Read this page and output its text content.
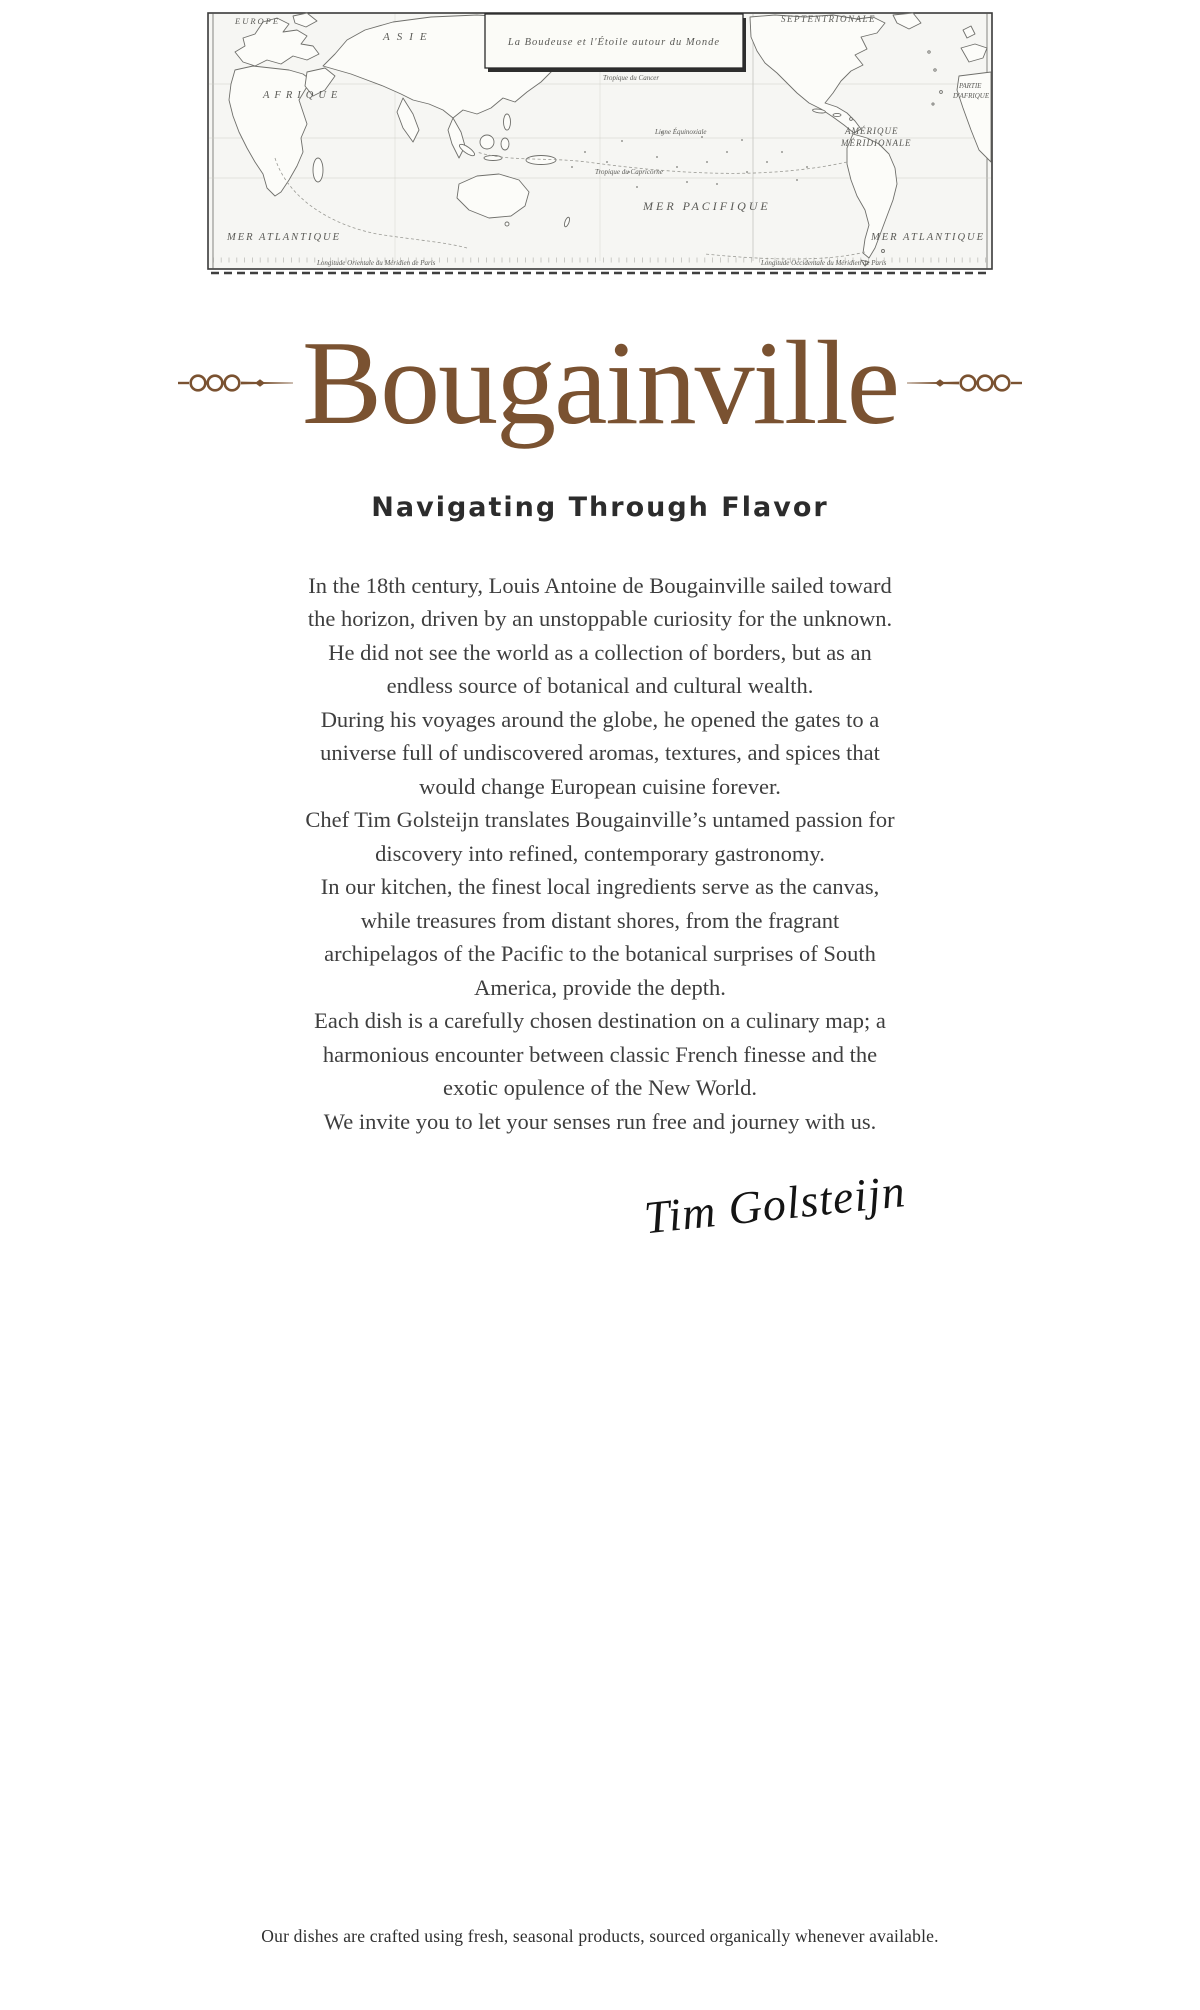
La Boudeuse et l'Étoile autour du Monde
EUROPE
ASIE
AFRIQUE
SEPTENTRIONALE
AMÉRIQUE
MÉRIDIONALE
PARTIE
D'AFRIQUE
Tropique du Cancer
Ligne Équinoxiale
Tropique du Capricorne
MER PACIFIQUE
MER ATLANTIQUE	MER ATLANTIQUE
Longitude Orientale du Méridien de Paris	Longitude Occidentale du Méridien de Paris
Bougainville
Navigating Through Flavor

In the 18th century, Louis Antoine de Bougainville sailed toward the horizon, driven by an unstoppable curiosity for the unknown.

He did not see the world as a collection of borders, but as an endless source of botanical and cultural wealth.

During his voyages around the globe, he opened the gates to a universe full of undiscovered aromas, textures, and spices that would change European cuisine forever.

Chef Tim Golsteijn translates Bougainville’s untamed passion for discovery into refined, contemporary gastronomy.

In our kitchen, the finest local ingredients serve as the canvas, while treasures from distant shores, from the fragrant archipelagos of the Pacific to the botanical surprises of South America, provide the depth.

Each dish is a carefully chosen destination on a culinary map; a harmonious encounter between classic French finesse and the exotic opulence of the New World.

We invite you to let your senses run free and journey with us.

Tim Golsteijn
Our dishes are crafted using fresh, seasonal products, sourced organically whenever available.
